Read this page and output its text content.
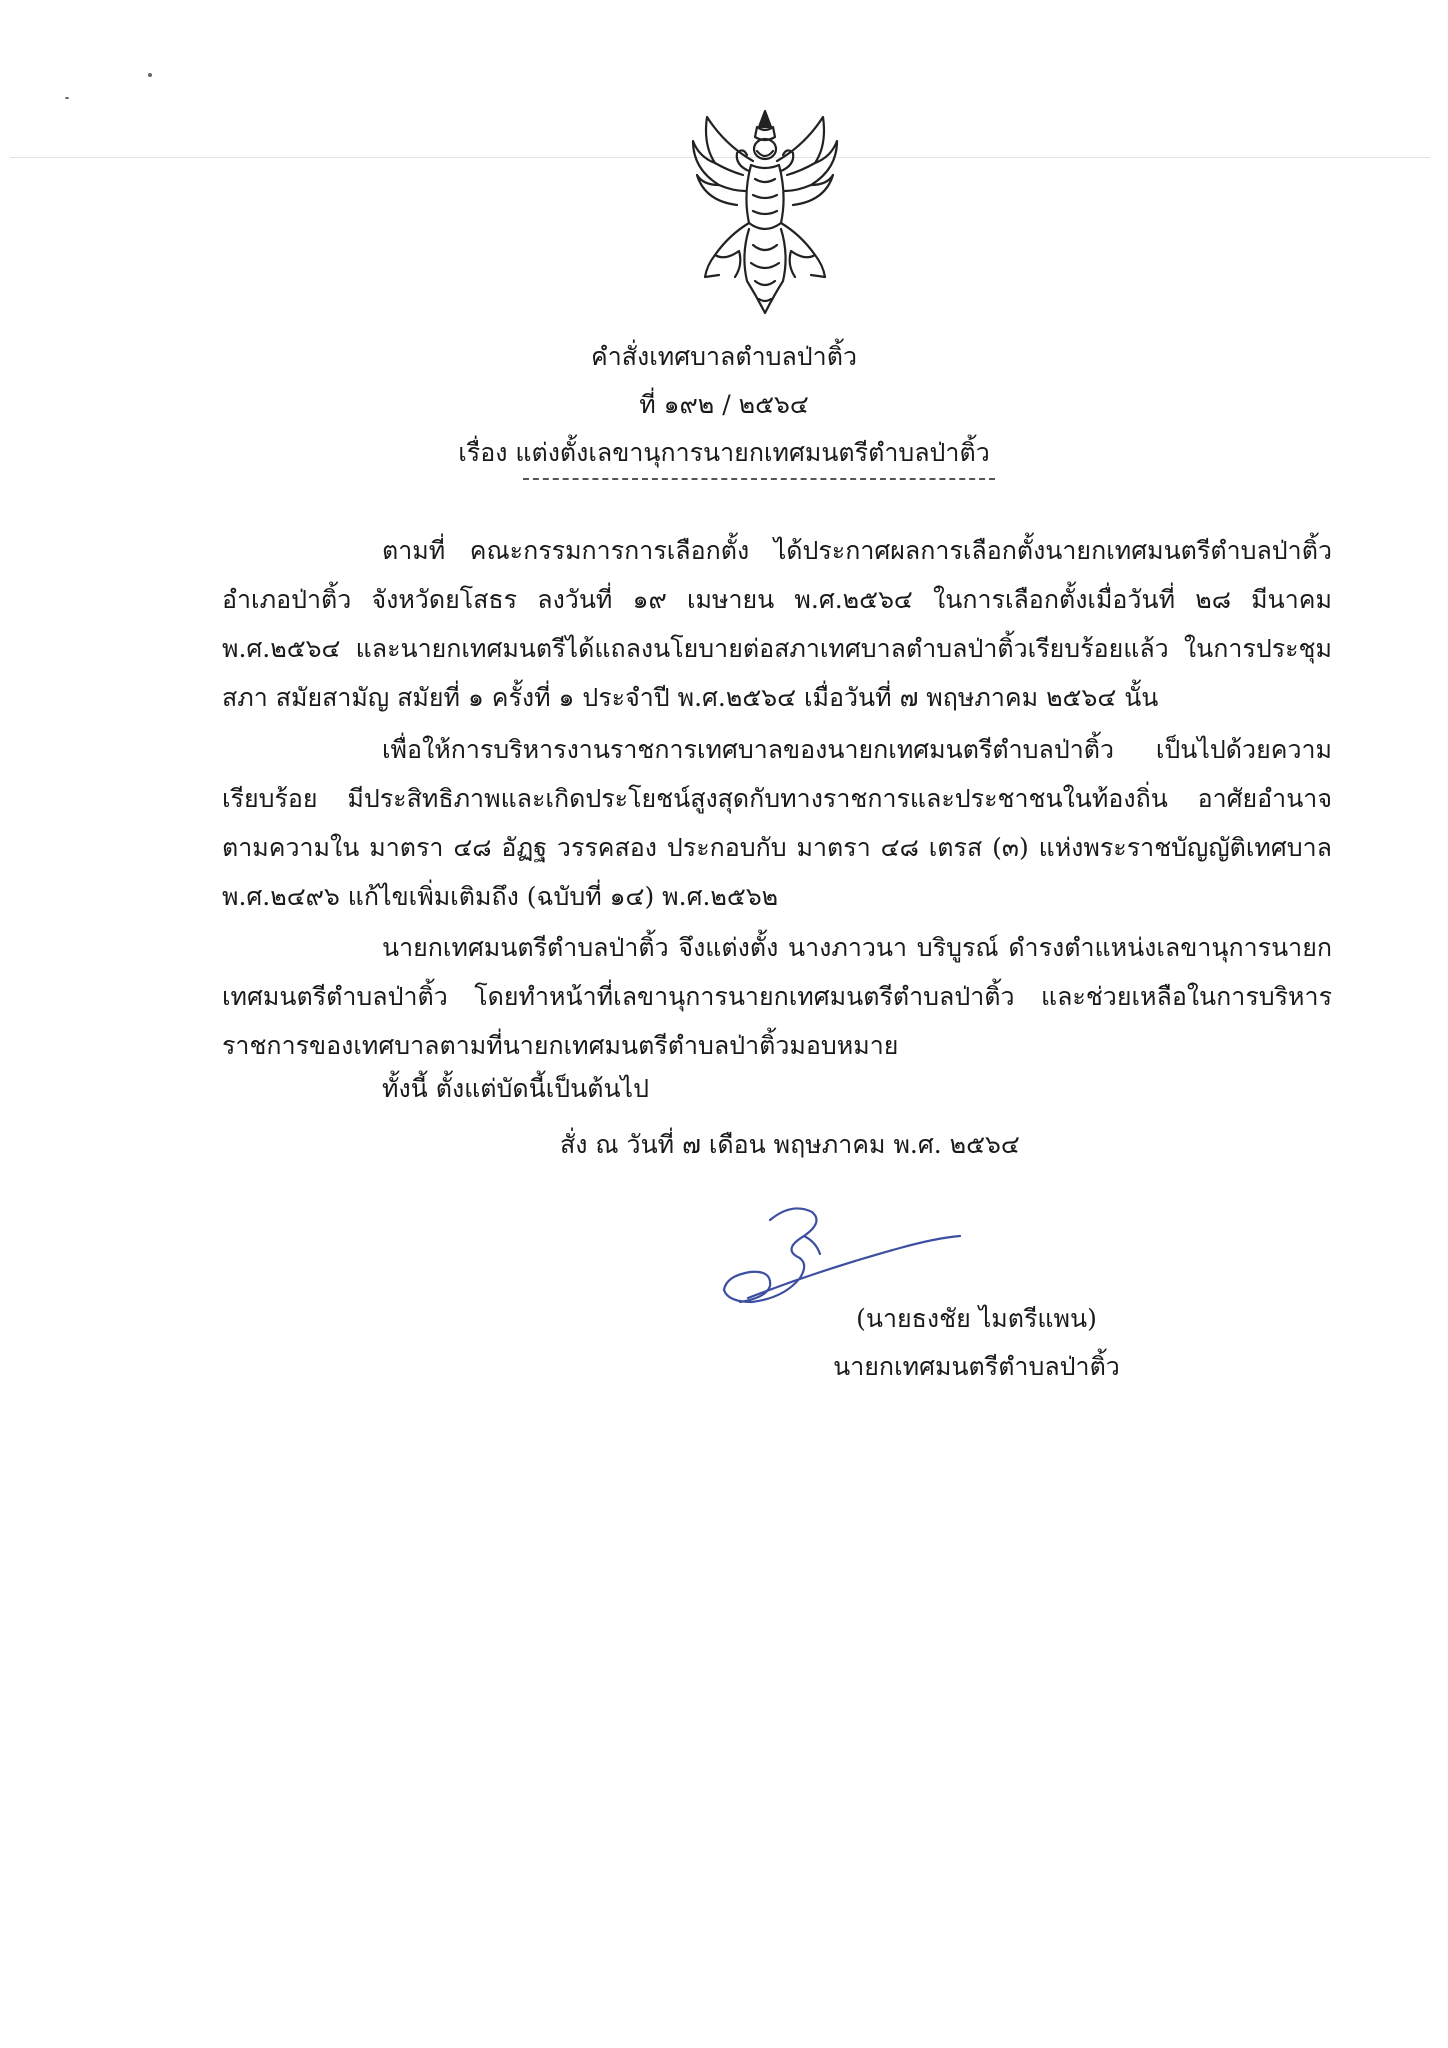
คำสั่งเทศบาลตำบลป่าติ้ว
ที่ ๑๙๒ / ๒๕๖๔
เรื่อง แต่งตั้งเลขานุการนายกเทศมนตรีตำบลป่าติ้ว
ตามที่ คณะกรรมการการเลือกตั้ง ได้ประกาศผลการเลือกตั้งนายกเทศมนตรีตำบลป่าติ้ว อำเภอป่าติ้ว จังหวัดยโสธร ลงวันที่ ๑๙ เมษายน พ.ศ.๒๕๖๔ ในการเลือกตั้งเมื่อวันที่ ๒๘ มีนาคม พ.ศ.๒๕๖๔ และนายกเทศมนตรีได้แถลงนโยบายต่อสภาเทศบาลตำบลป่าติ้วเรียบร้อยแล้ว ในการประชุมสภา สมัยสามัญ สมัยที่ ๑ ครั้งที่ ๑ ประจำปี พ.ศ.๒๕๖๔ เมื่อวันที่ ๗ พฤษภาคม ๒๕๖๔ นั้น
เพื่อให้การบริหารงานราชการเทศบาลของนายกเทศมนตรีตำบลป่าติ้ว เป็นไปด้วยความเรียบร้อย มีประสิทธิภาพและเกิดประโยชน์สูงสุดกับทางราชการและประชาชนในท้องถิ่น อาศัยอำนาจตามความใน มาตรา ๔๘ อัฏฐ วรรคสอง ประกอบกับ มาตรา ๔๘ เตรส (๓) แห่งพระราชบัญญัติเทศบาล พ.ศ.๒๔๙๖ แก้ไขเพิ่มเติมถึง (ฉบับที่ ๑๔) พ.ศ.๒๕๖๒
นายกเทศมนตรีตำบลป่าติ้ว จึงแต่งตั้ง นางภาวนา บริบูรณ์ ดำรงตำแหน่งเลขานุการนายกเทศมนตรีตำบลป่าติ้ว โดยทำหน้าที่เลขานุการนายกเทศมนตรีตำบลป่าติ้ว และช่วยเหลือในการบริหารราชการของเทศบาลตามที่นายกเทศมนตรีตำบลป่าติ้วมอบหมาย
ทั้งนี้ ตั้งแต่บัดนี้เป็นต้นไป
สั่ง ณ วันที่ ๗ เดือน พฤษภาคม พ.ศ. ๒๕๖๔
(นายธงชัย ไมตรีแพน)
นายกเทศมนตรีตำบลป่าติ้ว
